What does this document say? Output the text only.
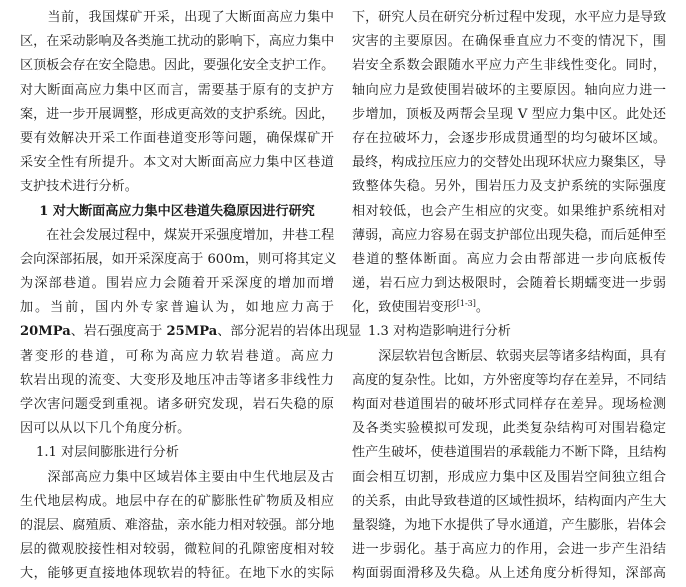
　　当前，我国煤矿开采，出现了大断面高应力集中
区，在采动影响及各类施工扰动的影响下，高应力集中
区顶板会存在安全隐患。因此，要强化安全支护工作。
对大断面高应力集中区而言，需要基于原有的支护方
案，进一步开展调整，形成更高效的支护系统。因此，
要有效解决开采工作面巷道变形等问题，确保煤矿开
采安全性有所提升。本文对大断面高应力集中区巷道
支护技术进行分析。
1 对大断面高应力集中区巷道失稳原因进行研究
　　在社会发展过程中，煤炭开采强度增加，井巷工程
会向深部拓展，如开采深度高于 600m，则可将其定义
为深部巷道。围岩应力会随着开采深度的增加而增
加。当前，国内外专家普遍认为，如地应力高于
20MPa、岩石强度高于 25MPa、部分泥岩的岩体出现显
著变形的巷道，可称为高应力软岩巷道。高应力
软岩出现的流变、大变形及地压冲击等诸多非线性力
学次害问题受到重视。诸多研究发现，岩石失稳的原
因可以从以下几个角度分析。
1.1 对层间膨胀进行分析
　　深部高应力集中区域岩体主要由中生代地层及古
生代地层构成。地层中存在的矿膨胀性矿物质及相应
的混层、腐殖质、难溶盐，亲水能力相对较强。部分地
层的微观胶接性相对较弱，微粒间的孔隙密度相对较
大，能够更直接地体现软岩的特征。在地下水的实际
下，研究人员在研究分析过程中发现，水平应力是导致
灾害的主要原因。在确保垂直应力不变的情况下，围
岩安全系数会跟随水平应力产生非线性变化。同时，
轴向应力是致使围岩破坏的主要原因。轴向应力进一
步增加，顶板及两帮会呈现 V 型应力集中区。此处还
存在拉破坏力，会逐步形成贯通型的均匀破坏区域。
最终，构成拉压应力的交替处出现环状应力聚集区，导
致整体失稳。另外，围岩压力及支护系统的实际强度
相对较低，也会产生相应的灾变。如果维护系统相对
薄弱，高应力容易在弱支护部位出现失稳，而后延伸至
巷道的整体断面。高应力会由帮部进一步向底板传
递，岩石应力到达极限时，会随着长期蠕变进一步弱
化，致使围岩变形[1-3]。
1.3 对构造影响进行分析
　　深层软岩包含断层、软弱夹层等诸多结构面，具有
高度的复杂性。比如，方外密度等均存在差异，不同结
构面对巷道围岩的破坏形式同样存在差异。现场检测
及各类实验模拟可发现，此类复杂结构可对围岩稳定
性产生破坏，使巷道围岩的承载能力不断下降，且结构
面会相互切割，形成应力集中区及围岩空间独立组合
的关系，由此导致巷道的区域性损坏，结构面内产生大
量裂缝，为地下水提供了导水通道，产生膨胀，岩体会
进一步弱化。基于高应力的作用，会进一步产生沿结
构面弱面滑移及失稳。从上述角度分析得知，深部高
